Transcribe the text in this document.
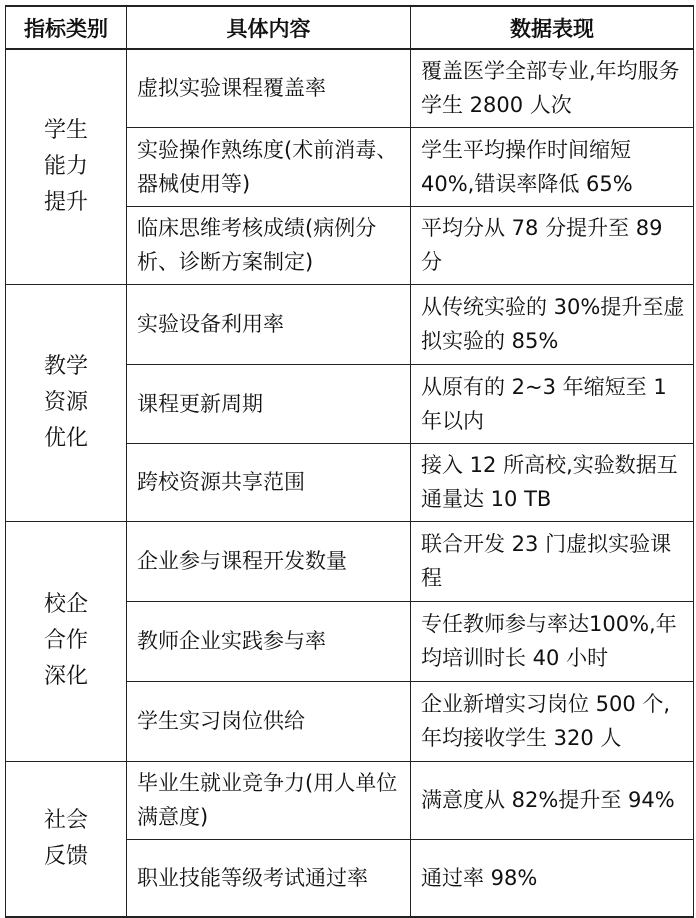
指标类别	具体内容	数据表现
学生能力提升	虚拟实验课程覆盖率	覆盖医学全部专业,年均服务学生 2800 人次
	实验操作熟练度(术前消毒、器械使用等)	学生平均操作时间缩短 40%,错误率降低 65%
	临床思维考核成绩(病例分析、诊断方案制定)	平均分从 78 分提升至 89 分
教学资源优化	实验设备利用率	从传统实验的 30%提升至虚拟实验的 85%
	课程更新周期	从原有的 2~3 年缩短至 1 年以内
	跨校资源共享范围	接入 12 所高校,实验数据互通量达 10 TB
校企合作深化	企业参与课程开发数量	联合开发 23 门虚拟实验课程
	教师企业实践参与率	专任教师参与率达100%,年均培训时长 40 小时
	学生实习岗位供给	企业新增实习岗位 500 个,年均接收学生 320 人
社会反馈	毕业生就业竞争力(用人单位满意度)	满意度从 82%提升至 94%
	职业技能等级考试通过率	通过率 98%
